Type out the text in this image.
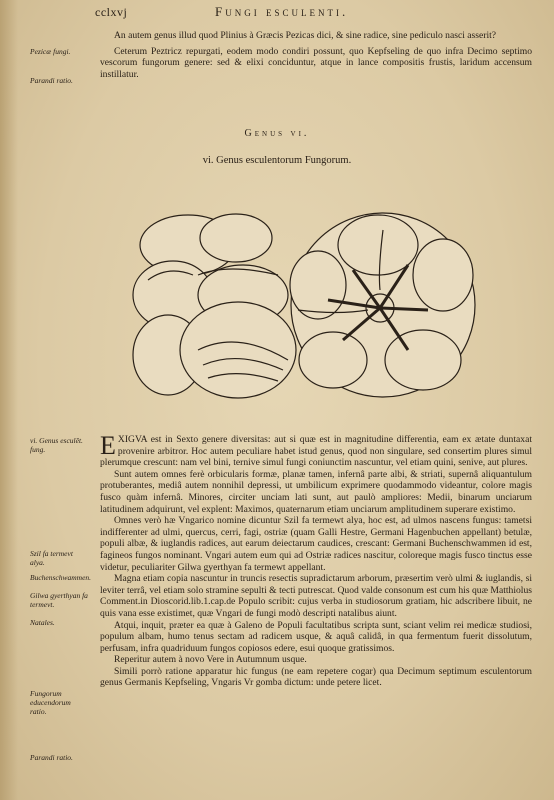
cclxvj	Fungi esculenti.
Pezicæ fungi.
Parandi ratio.
vi. Genus esculēt. fung.
Szil fa termevt alya.
Buchenschwammen.
Gilwa gyerthyan fa termevt.
Natales.
Fungorum educendorum ratio.
Parandi ratio.

An autem genus illud quod Plinius à Græcis Pezicas dici, & sine radice, sine pediculo nasci asserit?

Ceterum Peztricz repurgati, eodem modo condiri possunt, quo Kepfseling de quo infra Decimo septimo vescorum fungorum genere: sed & elixi conciduntur, atque in lance compositis frustis, laridum accensum instillatur.

Genus vi.
vi. Genus esculentorum Fungorum.

EXIGVA est in Sexto genere diversitas: aut si quæ est in magnitudine differentia, eam ex ætate duntaxat provenire arbitror. Hoc autem peculiare habet istud genus, quod non singulare, sed consertim plures simul plerumque crescunt: nam vel bini, ternive simul fungi coniunctim nascuntur, vel etiam quini, senive, aut plures.

Sunt autem omnes ferè orbicularis formæ, planæ tamen, infernâ parte albi, & striati, supernâ aliquantulum protuberantes, mediâ autem nonnihil depressi, ut umbilicum exprimere quodammodo videantur, colore magis fusco quàm infernâ. Minores, circiter unciam lati sunt, aut paulò ampliores: Medii, binarum unciarum latitudinem adquirunt, vel explent: Maximos, quaternarum etiam unciarum amplitudinem superare existimo.

Omnes verò hæ Vngarico nomine dicuntur Szil fa termewt alya, hoc est, ad ulmos nascens fungus: tametsi indifferenter ad ulmi, quercus, cerri, fagi, ostriæ (quam Galli Hestre, Germani Hagenbuchen appellant) betulæ, populi albæ, & iuglandis radices, aut earum deiectarum caudices, crescant: Germani Buchenschwammen id est, fagineos fungos nominant. Vngari autem eum qui ad Ostriæ radices nascitur, coloreque magis fusco tinctus esse videtur, peculiariter Gilwa gyerthyan fa termewt appellant.

Magna etiam copia nascuntur in truncis resectis supradictarum arborum, præsertim verò ulmi & iuglandis, si leviter terrâ, vel etiam solo stramine sepulti & tecti putrescat. Quod valde consonum est cum his quæ Matthiolus Comment.in Dioscorid.lib.1.cap.de Populo scribit: cujus verba in studiosorum gratiam, hic adscribere libuit, ne quis vana esse existimet, quæ Vngari de fungi modò descripti natalibus aiunt.

Atqui, inquit, præter ea quæ à Galeno de Populi facultatibus scripta sunt, sciant velim rei medicæ studiosi, populum albam, humo tenus sectam ad radicem usque, & aquâ calidâ, in qua fermentum fuerit dissolutum, perfusam, infra quadriduum fungos copiosos edere, esui quoque gratissimos.

Reperitur autem à novo Vere in Autumnum usque.

Simili porrò ratione apparatur hic fungus (ne eam repetere cogar) qua Decimum septimum esculentorum genus Germanis Kepfseling, Vngaris Vr gomba dictum: unde petere licet.
